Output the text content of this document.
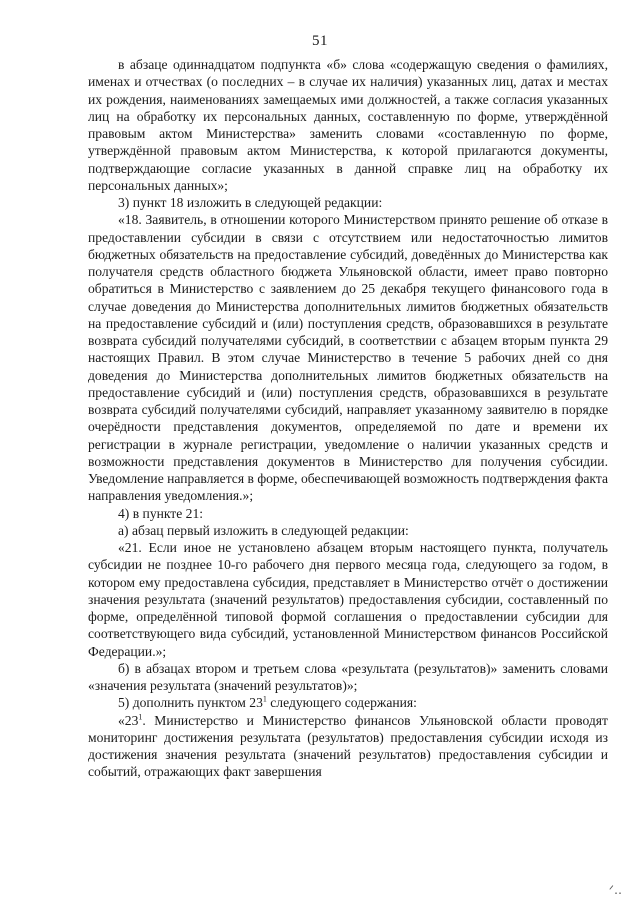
51

в абзаце одиннадцатом подпункта «б» слова «содержащую сведения о фамилиях, именах и отчествах (о последних – в случае их наличия) указанных лиц, датах и местах их рождения, наименованиях замещаемых ими должностей, а также согласия указанных лиц на обработку их персональных данных, составленную по форме, утверждённой правовым актом Министерства» заменить словами «составленную по форме, утверждённой правовым актом Министерства, к которой прилагаются документы, подтверждающие согласие указанных в данной справке лиц на обработку их персональных данных»;

3) пункт 18 изложить в следующей редакции:

«18. Заявитель, в отношении которого Министерством принято решение об отказе в предоставлении субсидии в связи с отсутствием или недостаточностью лимитов бюджетных обязательств на предоставление субсидий, доведённых до Министерства как получателя средств областного бюджета Ульяновской области, имеет право повторно обратиться в Министерство с заявлением до 25 декабря текущего финансового года в случае доведения до Министерства дополнительных лимитов бюджетных обязательств на предоставление субсидий и (или) поступления средств, образовавшихся в результате возврата субсидий получателями субсидий, в соответствии с абзацем вторым пункта 29 настоящих Правил. В этом случае Министерство в течение 5 рабочих дней со дня доведения до Министерства дополнительных лимитов бюджетных обязательств на предоставление субсидий и (или) поступления средств, образовавшихся в результате возврата субсидий получателями субсидий, направляет указанному заявителю в порядке очерёдности представления документов, определяемой по дате и времени их регистрации в журнале регистрации, уведомление о наличии указанных средств и возможности представления документов в Министерство для получения субсидии. Уведомление направляется в форме, обеспечивающей возможность подтверждения факта направления уведомления.»;

4) в пункте 21:

а) абзац первый изложить в следующей редакции:

«21. Если иное не установлено абзацем вторым настоящего пункта, получатель субсидии не позднее 10-го рабочего дня первого месяца года, следующего за годом, в котором ему предоставлена субсидия, представляет в Министерство отчёт о достижении значения результата (значений результатов) предоставления субсидии, составленный по форме, определённой типовой формой соглашения о предоставлении субсидии для соответствующего вида субсидий, установленной Министерством финансов Российской Федерации.»;

б) в абзацах втором и третьем слова «результата (результатов)» заменить словами «значения результата (значений результатов)»;

5) дополнить пунктом $23^1$ следующего содержания:

«$23^1$. Министерство и Министерство финансов Ульяновской области проводят мониторинг достижения результата (результатов) предоставления субсидии исходя из достижения значения результата (значений результатов) предоставления субсидии и событий, отражающих факт завершения

ᐟ‥
